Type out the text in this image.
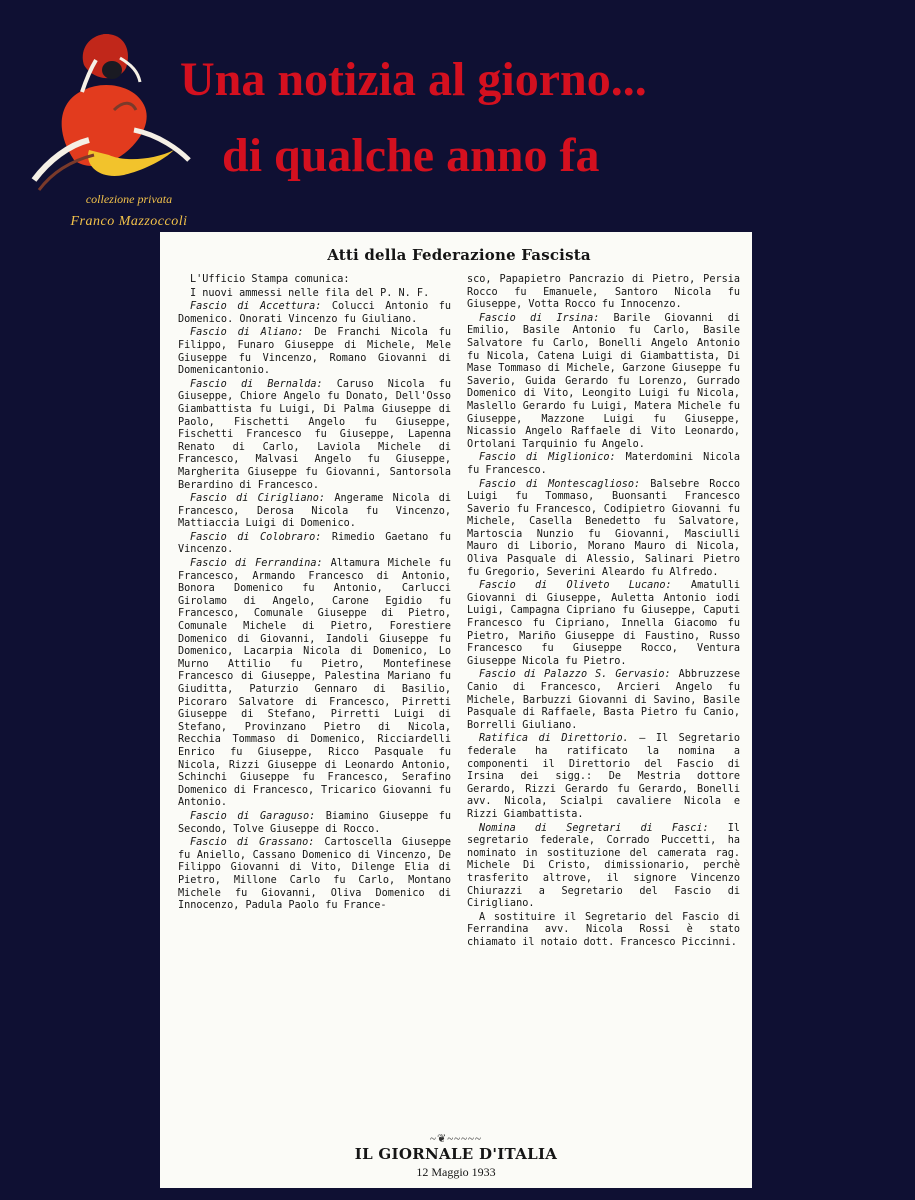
collezione privata
Franco Mazzoccoli
Una notizia al giorno...
di qualche anno fa
Atti della Federazione Fascista

L'Ufficio Stampa comunica:

I nuovi ammessi nelle fila del P. N. F.

Fascio di Accettura: Colucci Antonio fu Domenico. Onorati Vincenzo fu Giuliano.

Fascio di Aliano: De Franchi Nicola fu Filippo, Funaro Giuseppe di Michele, Mele Giuseppe fu Vincenzo, Romano Giovanni di Domenicantonio.

Fascio di Bernalda: Caruso Nicola fu Giuseppe, Chiore Angelo fu Donato, Dell'Osso Giambattista fu Luigi, Di Palma Giuseppe di Paolo, Fischetti Angelo fu Giuseppe, Fischetti Francesco fu Giuseppe, Lapenna Renato di Carlo, Laviola Michele di Francesco, Malvasi Angelo fu Giuseppe, Margherita Giuseppe fu Giovanni, Santorsola Berardino di Francesco.

Fascio di Cirigliano: Angerame Nicola di Francesco, Derosa Nicola fu Vincenzo, Mattiaccia Luigi di Domenico.

Fascio di Colobraro: Rimedio Gaetano fu Vincenzo.

Fascio di Ferrandina: Altamura Michele fu Francesco, Armando Francesco di Antonio, Bonora Domenico fu Antonio, Carlucci Girolamo di Angelo, Carone Egidio fu Francesco, Comunale Giuseppe di Pietro, Comunale Michele di Pietro, Forestiere Domenico di Giovanni, Iandoli Giuseppe fu Domenico, Lacarpia Nicola di Domenico, Lo Murno Attilio fu Pietro, Montefinese Francesco di Giuseppe, Palestina Mariano fu Giuditta, Paturzio Gennaro di Basilio, Picoraro Salvatore di Francesco, Pirretti Giuseppe di Stefano, Pirretti Luigi di Stefano, Provinzano Pietro di Nicola, Recchia Tommaso di Domenico, Ricciardelli Enrico fu Giuseppe, Ricco Pasquale fu Nicola, Rizzi Giuseppe di Leonardo Antonio, Schinchi Giuseppe fu Francesco, Serafino Domenico di Francesco, Tricarico Giovanni fu Antonio.

Fascio di Garaguso: Biamino Giuseppe fu Secondo, Tolve Giuseppe di Rocco.

Fascio di Grassano: Cartoscella Giuseppe fu Aniello, Cassano Domenico di Vincenzo, De Filippo Giovanni di Vito, Dilenge Elia di Pietro, Millone Carlo fu Carlo, Montano Michele fu Giovanni, Oliva Domenico di Innocenzo, Padula Paolo fu France-

sco, Papapietro Pancrazio di Pietro, Persia Rocco fu Emanuele, Santoro Nicola fu Giuseppe, Votta Rocco fu Innocenzo.

Fascio di Irsina: Barile Giovanni di Emilio, Basile Antonio fu Carlo, Basile Salvatore fu Carlo, Bonelli Angelo Antonio fu Nicola, Catena Luigi di Giambattista, Di Mase Tommaso di Michele, Garzone Giuseppe fu Saverio, Guida Gerardo fu Lorenzo, Gurrado Domenico di Vito, Leongito Luigi fu Nicola, Maslello Gerardo fu Luigi, Matera Michele fu Giuseppe, Mazzone Luigi fu Giuseppe, Nicassio Angelo Raffaele di Vito Leonardo, Ortolani Tarquinio fu Angelo.

Fascio di Miglionico: Materdomini Nicola fu Francesco.

Fascio di Montescaglioso: Balsebre Rocco Luigi fu Tommaso, Buonsanti Francesco Saverio fu Francesco, Codipietro Giovanni fu Michele, Casella Benedetto fu Salvatore, Martoscia Nunzio fu Giovanni, Masciulli Mauro di Liborio, Morano Mauro di Nicola, Oliva Pasquale di Alessio, Salinari Pietro fu Gregorio, Severini Aleardo fu Alfredo.

Fascio di Oliveto Lucano: Amatulli Giovanni di Giuseppe, Auletta Antonio iodi Luigi, Campagna Cipriano fu Giuseppe, Caputi Francesco fu Cipriano, Innella Giacomo fu Pietro, Mariño Giuseppe di Faustino, Russo Francesco fu Giuseppe Rocco, Ventura Giuseppe Nicola fu Pietro.

Fascio di Palazzo S. Gervasio: Abbruzzese Canio di Francesco, Arcieri Angelo fu Michele, Barbuzzi Giovanni di Savino, Basile Pasquale di Raffaele, Basta Pietro fu Canio, Borrelli Giuliano.

Ratifica di Direttorio. — Il Segretario federale ha ratificato la nomina a componenti il Direttorio del Fascio di Irsina dei sigg.: De Mestria dottore Gerardo, Rizzi Gerardo fu Gerardo, Bonelli avv. Nicola, Scialpi cavaliere Nicola e Rizzi Giambattista.

Nomina di Segretari di Fasci: Il segretario federale, Corrado Puccetti, ha nominato in sostituzione del camerata rag. Michele Di Cristo, dimissionario, perchè trasferito altrove, il signore Vincenzo Chiurazzi a Segretario del Fascio di Cirigliano.

A sostituire il Segretario del Fascio di Ferrandina avv. Nicola Rossi è stato chiamato il notaio dott. Francesco Piccinni.

~❦~~~~~
IL GIORNALE D'ITALIA
12 Maggio 1933
